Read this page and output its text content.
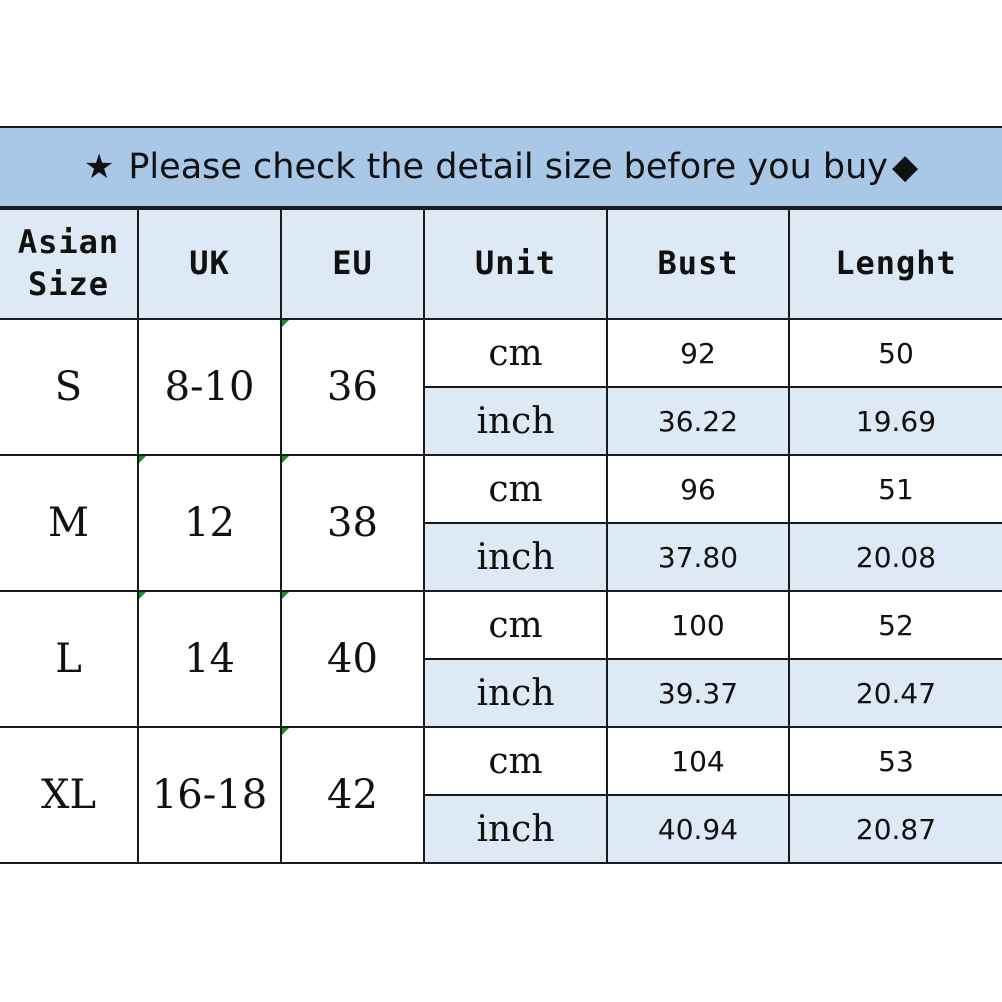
★ Please check the detail size before you buy ◆
Asian
Size	UK	EU	Unit	Bust	Lenght
S	8-10	36	cm	92	50
			inch	36.22	19.69
M	12	38	cm	96	51
			inch	37.80	20.08
L	14	40	cm	100	52
			inch	39.37	20.47
XL	16-18	42	cm	104	53
			inch	40.94	20.87
